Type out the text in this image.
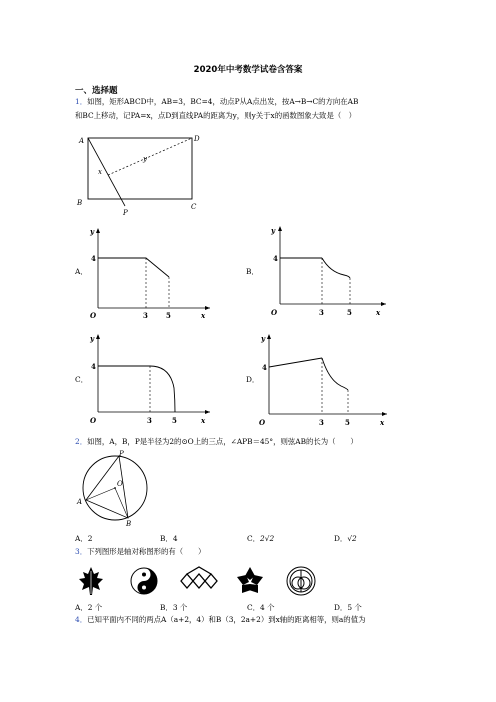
2020年中考数学试卷含答案
一、选择题
1．如图，矩形ABCD中，AB=3，BC=4，动点P从A点出发，按A→B→C的方向在AB
和BC上移动，记PA=x，点D到直线PA的距离为y，则y关于x的函数图象大致是（　）
A	D
B	C
P
x
y
A．
y
4
O	3	5	x
B．
y
4
O	3	5	x
C．
y
4
O	3	5	x
D．
y
4
O	3	5	x
2．如图，A，B，P是半径为2的⊙O上的三点，∠APB＝45°，则弦AB的长为（　　）
P
O
A
B
A．2	B．4	C．2√2	D．√2
3．下列图形是轴对称图形的有（　　）
A．2 个	B．3 个	C．4 个	D．5 个
4．已知平面内不同的两点A（a+2，4）和B（3，2a+2）到x轴的距离相等，则a的值为
